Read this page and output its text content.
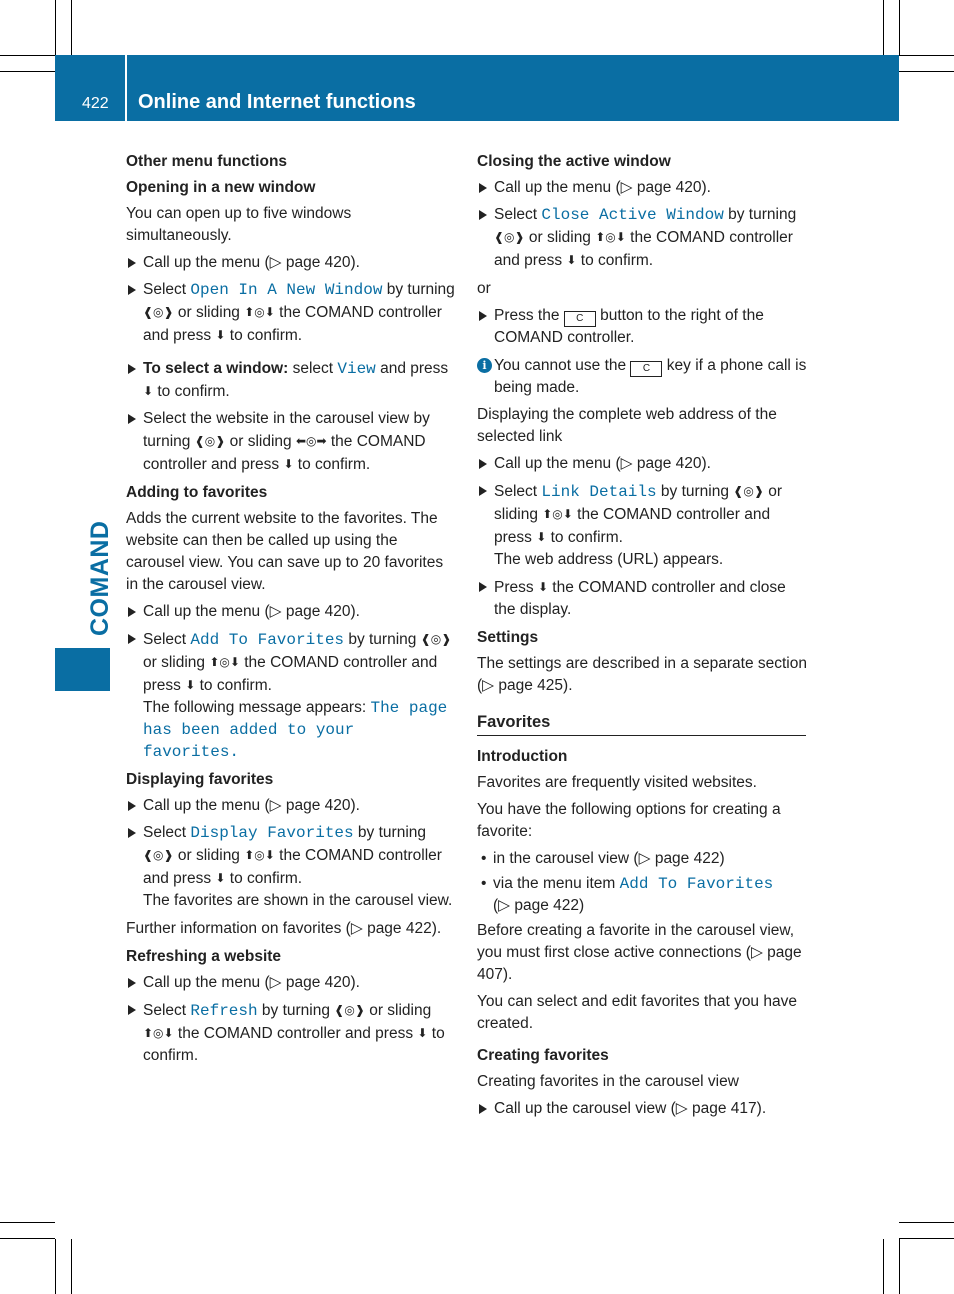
422 Online and Internet functions
COMAND
Other menu functions
Opening in a new window
You can open up to five windows simultaneously.
Call up the menu (▷ page 420).
Select Open In A New Window by turning ❰◎❱ or sliding ⬆◎⬇ the COMAND controller and press ⬇ to confirm.
To select a window: select View and press ⬇ to confirm.
Select the website in the carousel view by turning ❰◎❱ or sliding ⬅◎➡ the COMAND controller and press ⬇ to confirm.
Adding to favorites
Adds the current website to the favorites. The website can then be called up using the carousel view. You can save up to 20 favorites in the carousel view.
Call up the menu (▷ page 420).
Select Add To Favorites by turning ❰◎❱ or sliding ⬆◎⬇ the COMAND controller and press ⬇ to confirm.
The following message appears: The page has been added to your favorites.
Displaying favorites
Call up the menu (▷ page 420).
Select Display Favorites by turning ❰◎❱ or sliding ⬆◎⬇ the COMAND controller and press ⬇ to confirm.
The favorites are shown in the carousel view.
Further information on favorites (▷ page 422).
Refreshing a website
Call up the menu (▷ page 420).
Select Refresh by turning ❰◎❱ or sliding ⬆◎⬇ the COMAND controller and press ⬇ to confirm.
Closing the active window
Call up the menu (▷ page 420).
Select Close Active Window by turning ❰◎❱ or sliding ⬆◎⬇ the COMAND controller and press ⬇ to confirm.
or
Press the C button to the right of the COMAND controller.
i You cannot use the C key if a phone call is being made.
Displaying the complete web address of the selected link
Call up the menu (▷ page 420).
Select Link Details by turning ❰◎❱ or sliding ⬆◎⬇ the COMAND controller and press ⬇ to confirm.
The web address (URL) appears.
Press ⬇ the COMAND controller and close the display.
Settings
The settings are described in a separate section (▷ page 425).
Favorites
Introduction
Favorites are frequently visited websites.
You have the following options for creating a favorite:
• in the carousel view (▷ page 422)
• via the menu item Add To Favorites
(▷ page 422)
Before creating a favorite in the carousel view, you must first close active connections (▷ page 407).
You can select and edit favorites that you have created.
Creating favorites
Creating favorites in the carousel view
Call up the carousel view (▷ page 417).
